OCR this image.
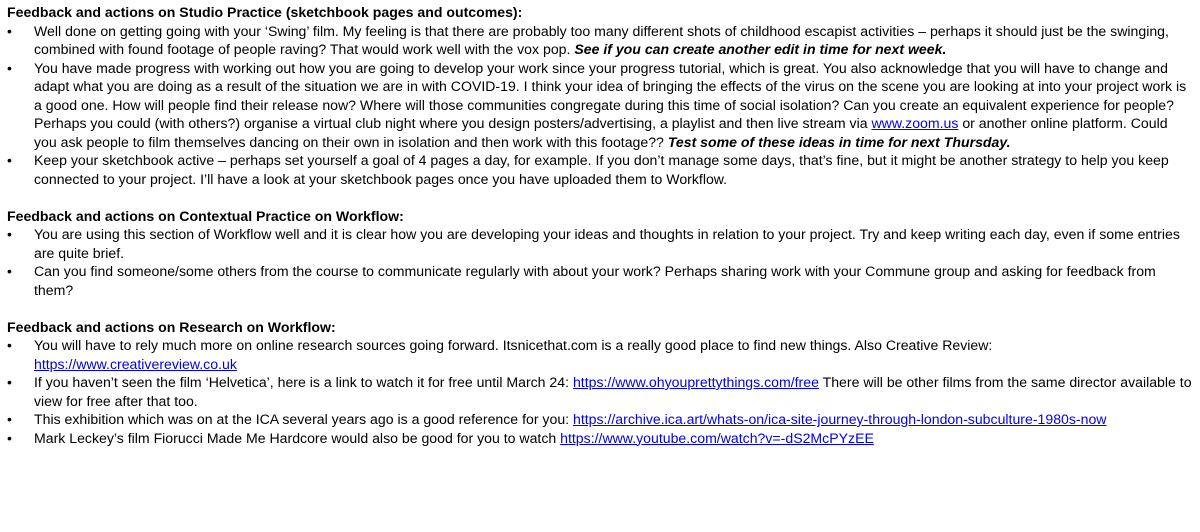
Feedback and actions on Studio Practice (sketchbook pages and outcomes):

• Well done on getting going with your ‘Swing’ film. My feeling is that there are probably too many different shots of childhood escapist activities – perhaps it should just be the swinging, combined with found footage of people raving? That would work well with the vox pop. See if you can create another edit in time for next week.
• You have made progress with working out how you are going to develop your work since your progress tutorial, which is great. You also acknowledge that you will have to change and adapt what you are doing as a result of the situation we are in with COVID-19. I think your idea of bringing the effects of the virus on the scene you are looking at into your project work is a good one. How will people find their release now? Where will those communities congregate during this time of social isolation? Can you create an equivalent experience for people? Perhaps you could (with others?) organise a virtual club night where you design posters/advertising, a playlist and then live stream via www.zoom.us or another online platform. Could you ask people to film themselves dancing on their own in isolation and then work with this footage?? Test some of these ideas in time for next Thursday.
• Keep your sketchbook active – perhaps set yourself a goal of 4 pages a day, for example. If you don’t manage some days, that’s fine, but it might be another strategy to help you keep connected to your project. I’ll have a look at your sketchbook pages once you have uploaded them to Workflow.

Feedback and actions on Contextual Practice on Workflow:

• You are using this section of Workflow well and it is clear how you are developing your ideas and thoughts in relation to your project. Try and keep writing each day, even if some entries are quite brief.
• Can you find someone/some others from the course to communicate regularly with about your work? Perhaps sharing work with your Commune group and asking for feedback from them?

Feedback and actions on Research on Workflow:

• You will have to rely much more on online research sources going forward. Itsnicethat.com is a really good place to find new things. Also Creative Review: https://www.creativereview.co.uk
• If you haven’t seen the film ‘Helvetica’, here is a link to watch it for free until March 24: https://www.ohyouprettythings.com/free There will be other films from the same director available to view for free after that too.
• This exhibition which was on at the ICA several years ago is a good reference for you: https://archive.ica.art/whats-on/ica-site-journey-through-london-subculture-1980s-now
• Mark Leckey’s film Fiorucci Made Me Hardcore would also be good for you to watch https://www.youtube.com/watch?v=-dS2McPYzEE
